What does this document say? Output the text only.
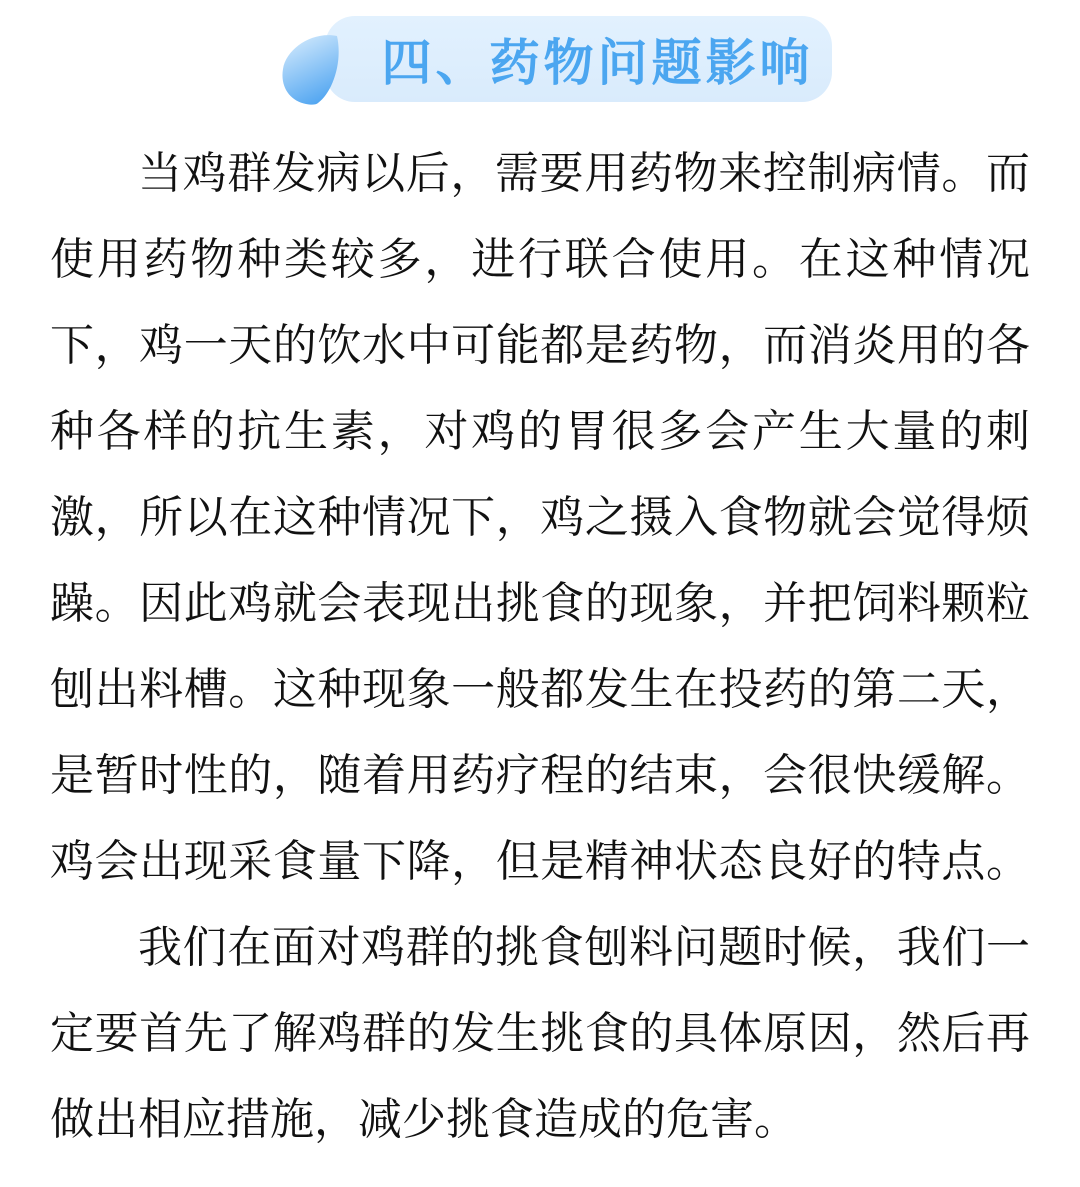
四、药物问题影响
当鸡群发病以后，需要用药物来控制病情。而
使用药物种类较多，进行联合使用。在这种情况
下，鸡一天的饮水中可能都是药物，而消炎用的各
种各样的抗生素，对鸡的胃很多会产生大量的刺
激，所以在这种情况下，鸡之摄入食物就会觉得烦
躁。因此鸡就会表现出挑食的现象，并把饲料颗粒
刨出料槽。这种现象一般都发生在投药的第二天，
是暂时性的，随着用药疗程的结束，会很快缓解。
鸡会出现采食量下降，但是精神状态良好的特点。
我们在面对鸡群的挑食刨料问题时候，我们一
定要首先了解鸡群的发生挑食的具体原因，然后再
做出相应措施，减少挑食造成的危害。
